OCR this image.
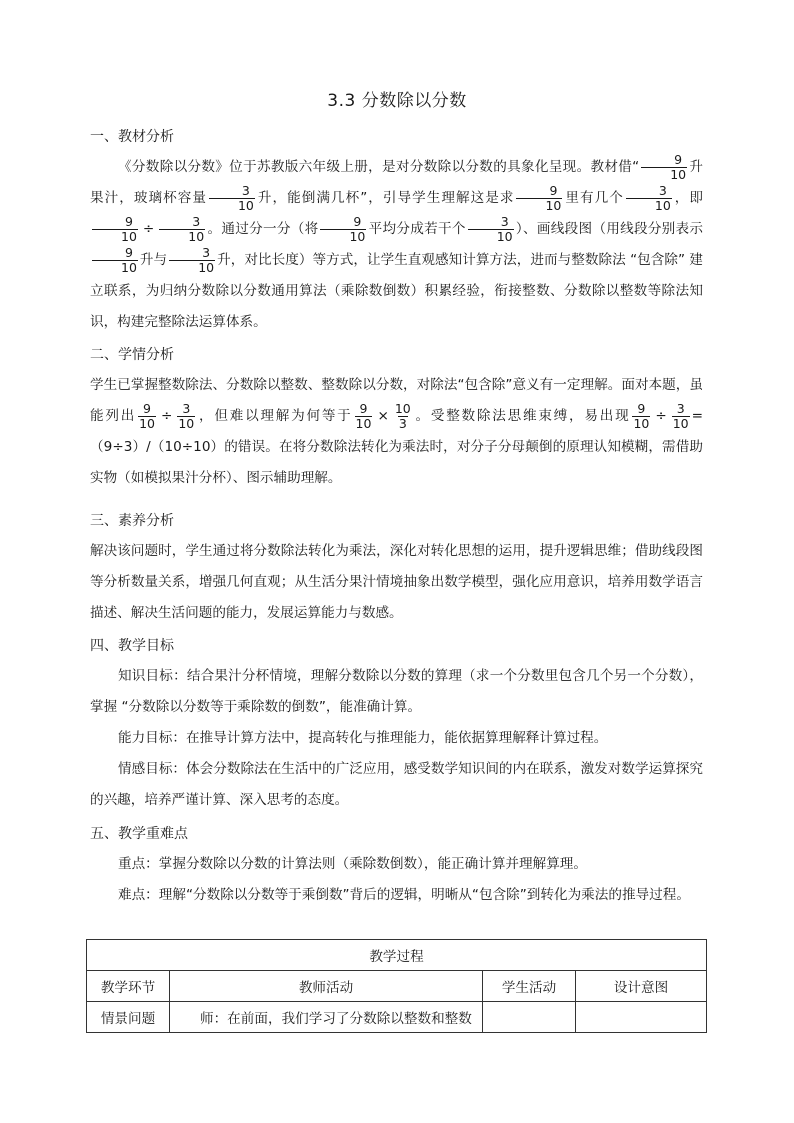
3.3 分数除以分数
一、教材分析
《分数除以分数》位于苏教版六年级上册，是对分数除以分数的具象化呈现。教材借“ $\frac{9}{10}$ 升果汁，玻璃杯容量 $\frac{3}{10}$ 升，能倒满几杯”，引导学生理解这是求 $\frac{9}{10}$ 里有几个 $\frac{3}{10}$ ，即
$\frac{9}{10} \div \frac{3}{10}$ 。通过分一分（将 $\frac{9}{10}$ 平均分成若干个 $\frac{3}{10}$ ）、画线段图（用线段分别表示
$\frac{9}{10}$ 升与 $\frac{3}{10}$ 升，对比长度）等方式，让学生直观感知计算方法，进而与整数除法 “包含除” 建立联系，为归纳分数除以分数通用算法（乘除数倒数）积累经验，衔接整数、分数除以整数等除法知识，构建完整除法运算体系。
二、学情分析
学生已掌握整数除法、分数除以整数、整数除以分数，对除法“包含除”意义有一定理解。面对本题，虽能列出 $\frac{9}{10} \div \frac{3}{10}$ ，但难以理解为何等于 $\frac{9}{10} \times \frac{10}{3}$ 。受整数除法思维束缚，易出现 $\frac{9}{10} \div \frac{3}{10} =(9\div 3)/(10\div 10)$的错误。在将分数除法转化为乘法时，对分子分母颠倒的原理认知模糊，需借助实物（如模拟果汁分杯）、图示辅助理解。
三、素养分析
解决该问题时，学生通过将分数除法转化为乘法，深化对转化思想的运用，提升逻辑思维；借助线段图等分析数量关系，增强几何直观；从生活分果汁情境抽象出数学模型，强化应用意识，培养用数学语言描述、解决生活问题的能力，发展运算能力与数感。
四、教学目标
知识目标：结合果汁分杯情境，理解分数除以分数的算理（求一个分数里包含几个另一个分数），掌握 “分数除以分数等于乘除数的倒数”，能准确计算。
能力目标：在推导计算方法中，提高转化与推理能力，能依据算理解释计算过程。
情感目标：体会分数除法在生活中的广泛应用，感受数学知识间的内在联系，激发对数学运算探究的兴趣，培养严谨计算、深入思考的态度。
五、教学重难点
重点：掌握分数除以分数的计算法则（乘除数倒数），能正确计算并理解算理。
难点：理解“分数除以分数等于乘倒数”背后的逻辑，明晰从“包含除”到转化为乘法的推导过程。
教学过程			
教学环节	教师活动	学生活动	设计意图
情景问题	师：在前面，我们学习了分数除以整数和整数		
